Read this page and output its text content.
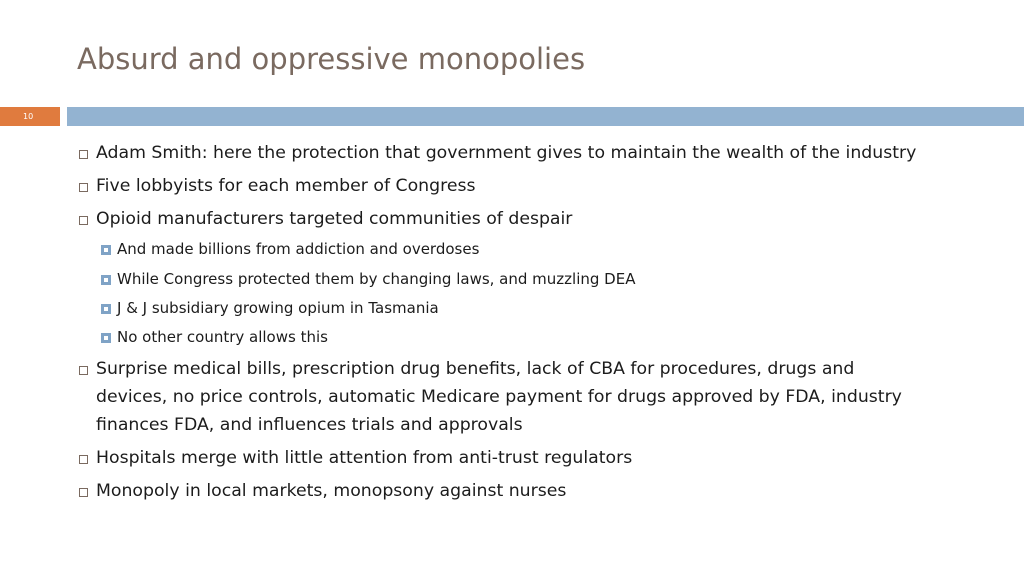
Absurd and oppressive monopolies
10
Adam Smith: here the protection that government gives to maintain the wealth of the industry
Five lobbyists for each member of Congress
Opioid manufacturers targeted communities of despair
And made billions from addiction and overdoses
While Congress protected them by changing laws, and muzzling DEA
J & J subsidiary growing opium in Tasmania
No other country allows this
Surprise medical bills, prescription drug benefits, lack of CBA for procedures, drugs and
devices, no price controls, automatic Medicare payment for drugs approved by FDA, industry
finances FDA, and influences trials and approvals
Hospitals merge with little attention from anti-trust regulators
Monopoly in local markets, monopsony against nurses
